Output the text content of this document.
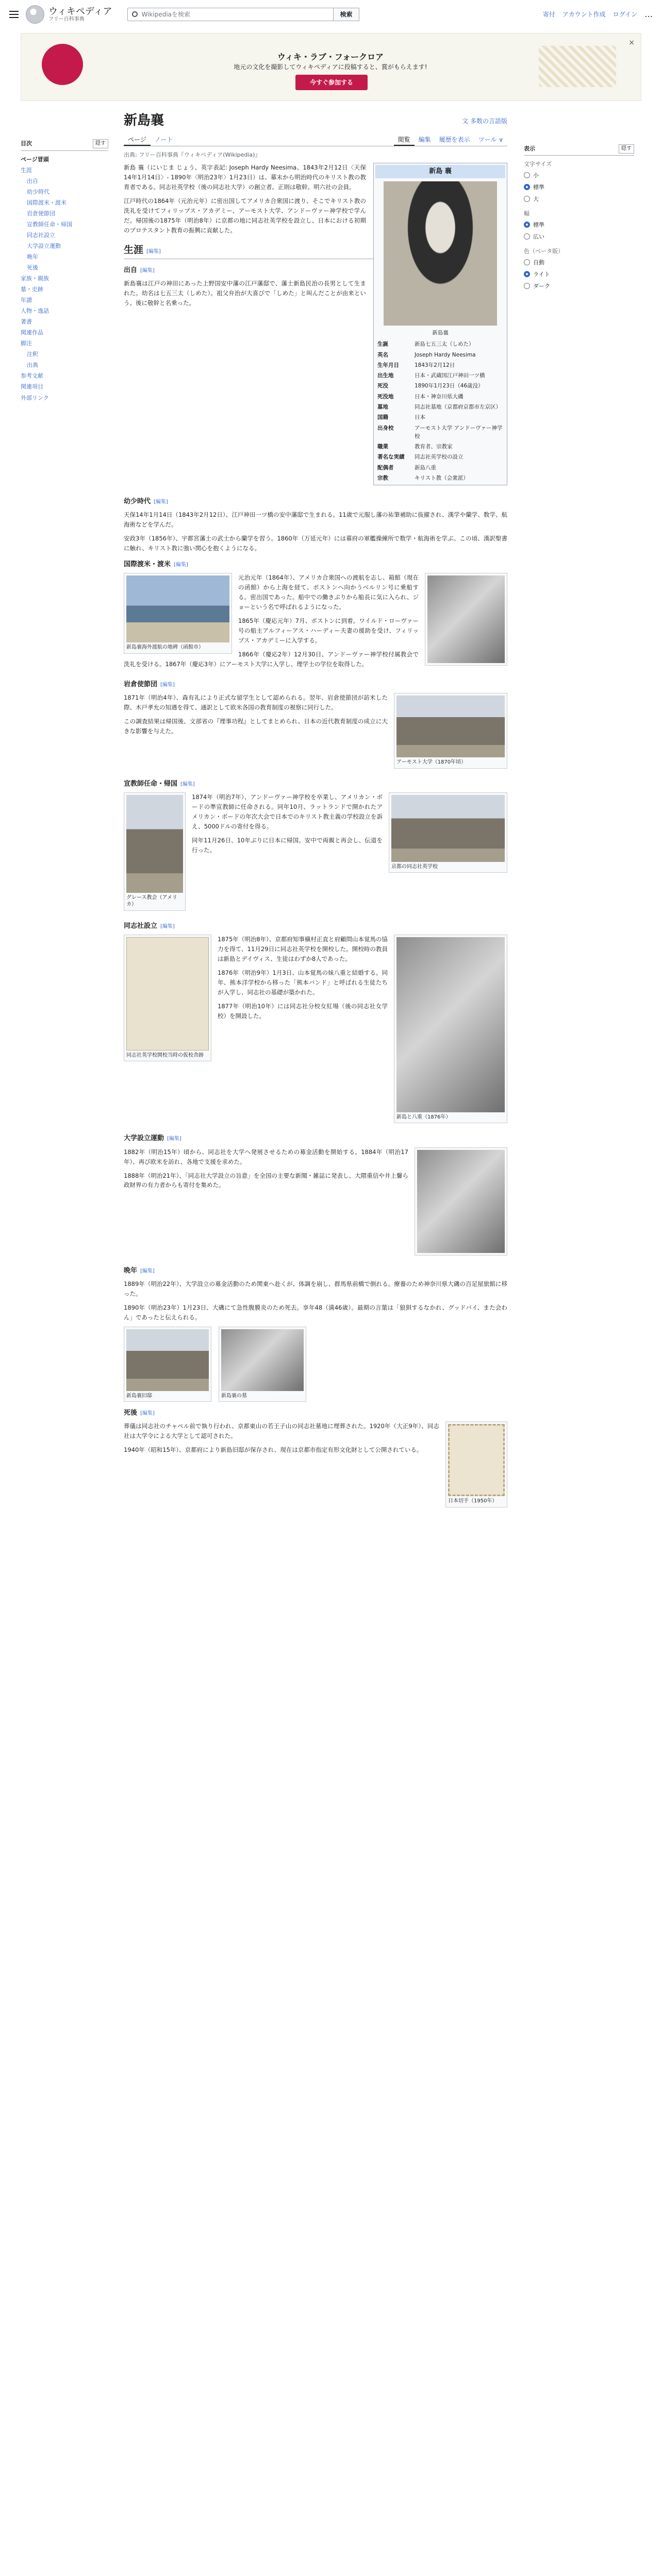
ウィキペディア
フリー百科事典
Wikipediaを検索	検索	寄付 アカウント作成 ログイン …
ウィキ・ラブ・フォークロア
地元の文化を撮影してウィキペディアに投稿すると、賞がもらえます!
今すぐ参加する
×
新島襄	文 多数の言語版
ページ	ノート	閲覧	編集	履歴を表示	ツール ∨
出典: フリー百科事典『ウィキペディア(Wikipedia)』
目次	隠す
ページ冒頭
生涯
出自
幼少時代
国際渡米・渡米
岩倉使節団
宣教師任命・帰国
同志社設立
大学設立運動
晩年
死後
家族・親族
墓・史跡
年譜
人物・逸話
著書
関連作品
脚注
注釈
出典
参考文献
関連項目
外部リンク
表示	隠す
文字サイズ
小
標準
大
幅
標準
広い
色（ベータ版）
自動
ライト
ダーク
新島 襄
新島襄
生誕	新島七五三太（しめた）
英名	Joseph Hardy Neesima
生年月日	1843年2月12日
出生地	日本・武蔵国江戸神田一ツ橋
死没	1890年1月23日（46歳没）
死没地	日本・神奈川県大磯
墓地	同志社墓地（京都府京都市左京区）
国籍	日本
出身校	アーモスト大学 アンドーヴァー神学校
職業	教育者、宗教家
著名な実績	同志社英学校の設立
配偶者	新島八重
宗教	キリスト教（会衆派）

新島 襄（にいじま じょう、英字表記: Joseph Hardy Neesima、1843年2月12日〈天保14年1月14日〉- 1890年〈明治23年〉1月23日）は、幕末から明治時代のキリスト教の教育者である。同志社英学校（後の同志社大学）の創立者。正則は敬幹。明六社の会員。

江戸時代の1864年（元治元年）に密出国してアメリカ合衆国に渡り、そこでキリスト教の洗礼を受けてフィリップス・アカデミー、アーモスト大学、アンドーヴァー神学校で学んだ。帰国後の1875年（明治8年）に京都の地に同志社英学校を設立し、日本における初期のプロテスタント教育の振興に貢献した。

生涯 [編集]
出自 [編集]

新島襄は江戸の神田にあった上野国安中藩の江戸藩邸で、藩士新島民治の長男として生まれた。幼名は七五三太（しめた）。祖父弁治が大喜びで「しめた」と叫んだことが由来という。後に敬幹と名乗った。

幼少時代 [編集]

天保14年1月14日（1843年2月12日）、江戸神田一ツ橋の安中藩邸で生まれる。11歳で元服し藩の祐筆補助に抜擢され、漢学や蘭学、数学、航海術などを学んだ。

安政3年（1856年）、宇都宮藩士の武士から蘭学を習う。1860年（万延元年）には幕府の軍艦操練所で数学・航海術を学ぶ。この頃、漢訳聖書に触れ、キリスト教に強い関心を抱くようになる。

国際渡米・渡米 [編集]
新島襄海外渡航の地碑（函館市）

元治元年（1864年）、アメリカ合衆国への渡航を志し、箱館（現在の函館）から上海を経て、ボストンへ向かうベルリン号に乗船する。密出国であった。船中での働きぶりから船長に気に入られ、ジョーという名で呼ばれるようになった。

1865年（慶応元年）7月、ボストンに到着。ワイルド・ローヴァー号の船主アルフィーアス・ハーディー夫妻の援助を受け、フィリップス・アカデミーに入学する。

1866年（慶応2年）12月30日、アンドーヴァー神学校付属教会で洗礼を受ける。1867年（慶応3年）にアーモスト大学に入学し、理学士の学位を取得した。

岩倉使節団 [編集]
アーモスト大学（1870年頃）

1871年（明治4年）、森有礼により正式な留学生として認められる。翌年、岩倉使節団が訪米した際、木戸孝允の知遇を得て、通訳として欧米各国の教育制度の視察に同行した。

この調査結果は帰国後、文部省の『理事功程』としてまとめられ、日本の近代教育制度の成立に大きな影響を与えた。

宣教師任命・帰国 [編集]
グレース教会（アメリカ）
京都の同志社英学校

1874年（明治7年）、アンドーヴァー神学校を卒業し、アメリカン・ボードの準宣教師に任命される。同年10月、ラットランドで開かれたアメリカン・ボードの年次大会で日本でのキリスト教主義の学校設立を訴え、5000ドルの寄付を得る。

同年11月26日、10年ぶりに日本に帰国。安中で両親と再会し、伝道を行った。

同志社設立 [編集]
同志社英学校開校当時の仮校舎跡
新島と八重（1876年）

1875年（明治8年）、京都府知事槇村正直と府顧問山本覚馬の協力を得て、11月29日に同志社英学校を開校した。開校時の教員は新島とデイヴィス、生徒はわずか8人であった。

1876年（明治9年）1月3日、山本覚馬の妹八重と結婚する。同年、熊本洋学校から移った「熊本バンド」と呼ばれる生徒たちが入学し、同志社の基礎が築かれた。

1877年（明治10年）には同志社分校女紅場（後の同志社女学校）を開設した。

大学設立運動 [編集]

1882年（明治15年）頃から、同志社を大学へ発展させるための募金活動を開始する。1884年（明治17年）、再び欧米を訪れ、各地で支援を求めた。

1888年（明治21年）、「同志社大学設立の旨意」を全国の主要な新聞・雑誌に発表し、大隈重信や井上馨ら政財界の有力者からも寄付を集めた。

晩年 [編集]

1889年（明治22年）、大学設立の募金活動のため関東へ赴くが、体調を崩し、群馬県前橋で倒れる。療養のため神奈川県大磯の百足屋旅館に移った。

1890年（明治23年）1月23日、大磯にて急性腹膜炎のため死去。享年48（満46歳）。最期の言葉は「狼狽するなかれ、グッドバイ、また会わん」であったと伝えられる。

新島襄旧邸	新島襄の墓
死後 [編集]
日本切手（1950年）

葬儀は同志社のチャペル前で執り行われ、京都東山の若王子山の同志社墓地に埋葬された。1920年（大正9年）、同志社は大学令による大学として認可された。

1940年（昭和15年）、京都府により新島旧邸が保存され、現在は京都市指定有形文化財として公開されている。
